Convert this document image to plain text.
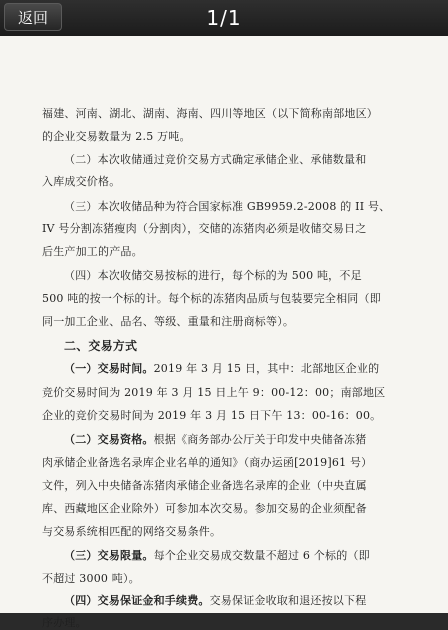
返回	1/1
福建、河南、湖北、湖南、海南、四川等地区（以下简称南部地区）
的企业交易数量为 2.5 万吨。
（二）本次收储通过竞价交易方式确定承储企业、承储数量和
入库成交价格。
（三）本次收储品种为符合国家标准 GB9959.2-2008 的 II 号、
IV 号分割冻猪瘦肉（分割肉），交储的冻猪肉必须是收储交易日之
后生产加工的产品。
（四）本次收储交易按标的进行，每个标的为 500 吨，不足
500 吨的按一个标的计。每个标的冻猪肉品质与包装要完全相同（即
同一加工企业、品名、等级、重量和注册商标等）。
二、交易方式
（一）交易时间。2019 年 3 月 15 日，其中：北部地区企业的
竞价交易时间为 2019 年 3 月 15 日上午 9：00-12：00；南部地区
企业的竞价交易时间为 2019 年 3 月 15 日下午 13：00-16：00。
（二）交易资格。根据《商务部办公厅关于印发中央储备冻猪
肉承储企业备选名录库企业名单的通知》（商办运函[2019]61 号）
文件，列入中央储备冻猪肉承储企业备选名录库的企业（中央直属
库、西藏地区企业除外）可参加本次交易。参加交易的企业须配备
与交易系统相匹配的网络交易条件。
（三）交易限量。每个企业交易成交数量不超过 6 个标的（即
不超过 3000 吨）。
（四）交易保证金和手续费。交易保证金收取和退还按以下程
序办理。
